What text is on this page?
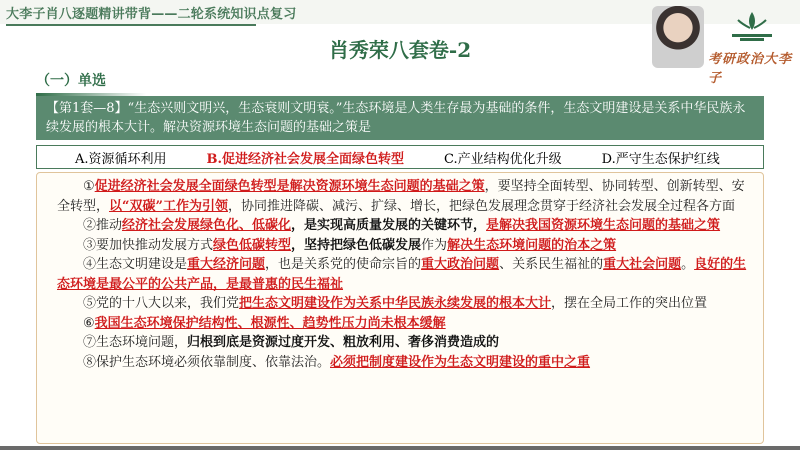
大李子肖八逐题精讲带背——二轮系统知识点复习
肖秀荣八套卷-2	考研政治大李子
（一）单选
【第1套—8】“生态兴则文明兴，生态衰则文明衰。”生态环境是人类生存最为基础的条件，生态文明建设是关系中华民族永续发展的根本大计。解决资源环境生态问题的基础之策是
A.资源循环利用	B.促进经济社会发展全面绿色转型	C.产业结构优化升级	D.严守生态保护红线

①促进经济社会发展全面绿色转型是解决资源环境生态问题的基础之策，要坚持全面转型、协同转型、创新转型、安全转型，以“双碳”工作为引领，协同推进降碳、减污、扩绿、增长，把绿色发展理念贯穿于经济社会发展全过程各方面

②推动经济社会发展绿色化、低碳化，是实现高质量发展的关键环节，是解决我国资源环境生态问题的基础之策

③要加快推动发展方式绿色低碳转型，坚持把绿色低碳发展作为解决生态环境问题的治本之策

④生态文明建设是重大经济问题，也是关系党的使命宗旨的重大政治问题、关系民生福祉的重大社会问题。良好的生态环境是最公平的公共产品，是最普惠的民生福祉

⑤党的十八大以来，我们党把生态文明建设作为关系中华民族永续发展的根本大计，摆在全局工作的突出位置

⑥我国生态环境保护结构性、根源性、趋势性压力尚未根本缓解

⑦生态环境问题，归根到底是资源过度开发、粗放利用、奢侈消费造成的

⑧保护生态环境必须依靠制度、依靠法治。必须把制度建设作为生态文明建设的重中之重
